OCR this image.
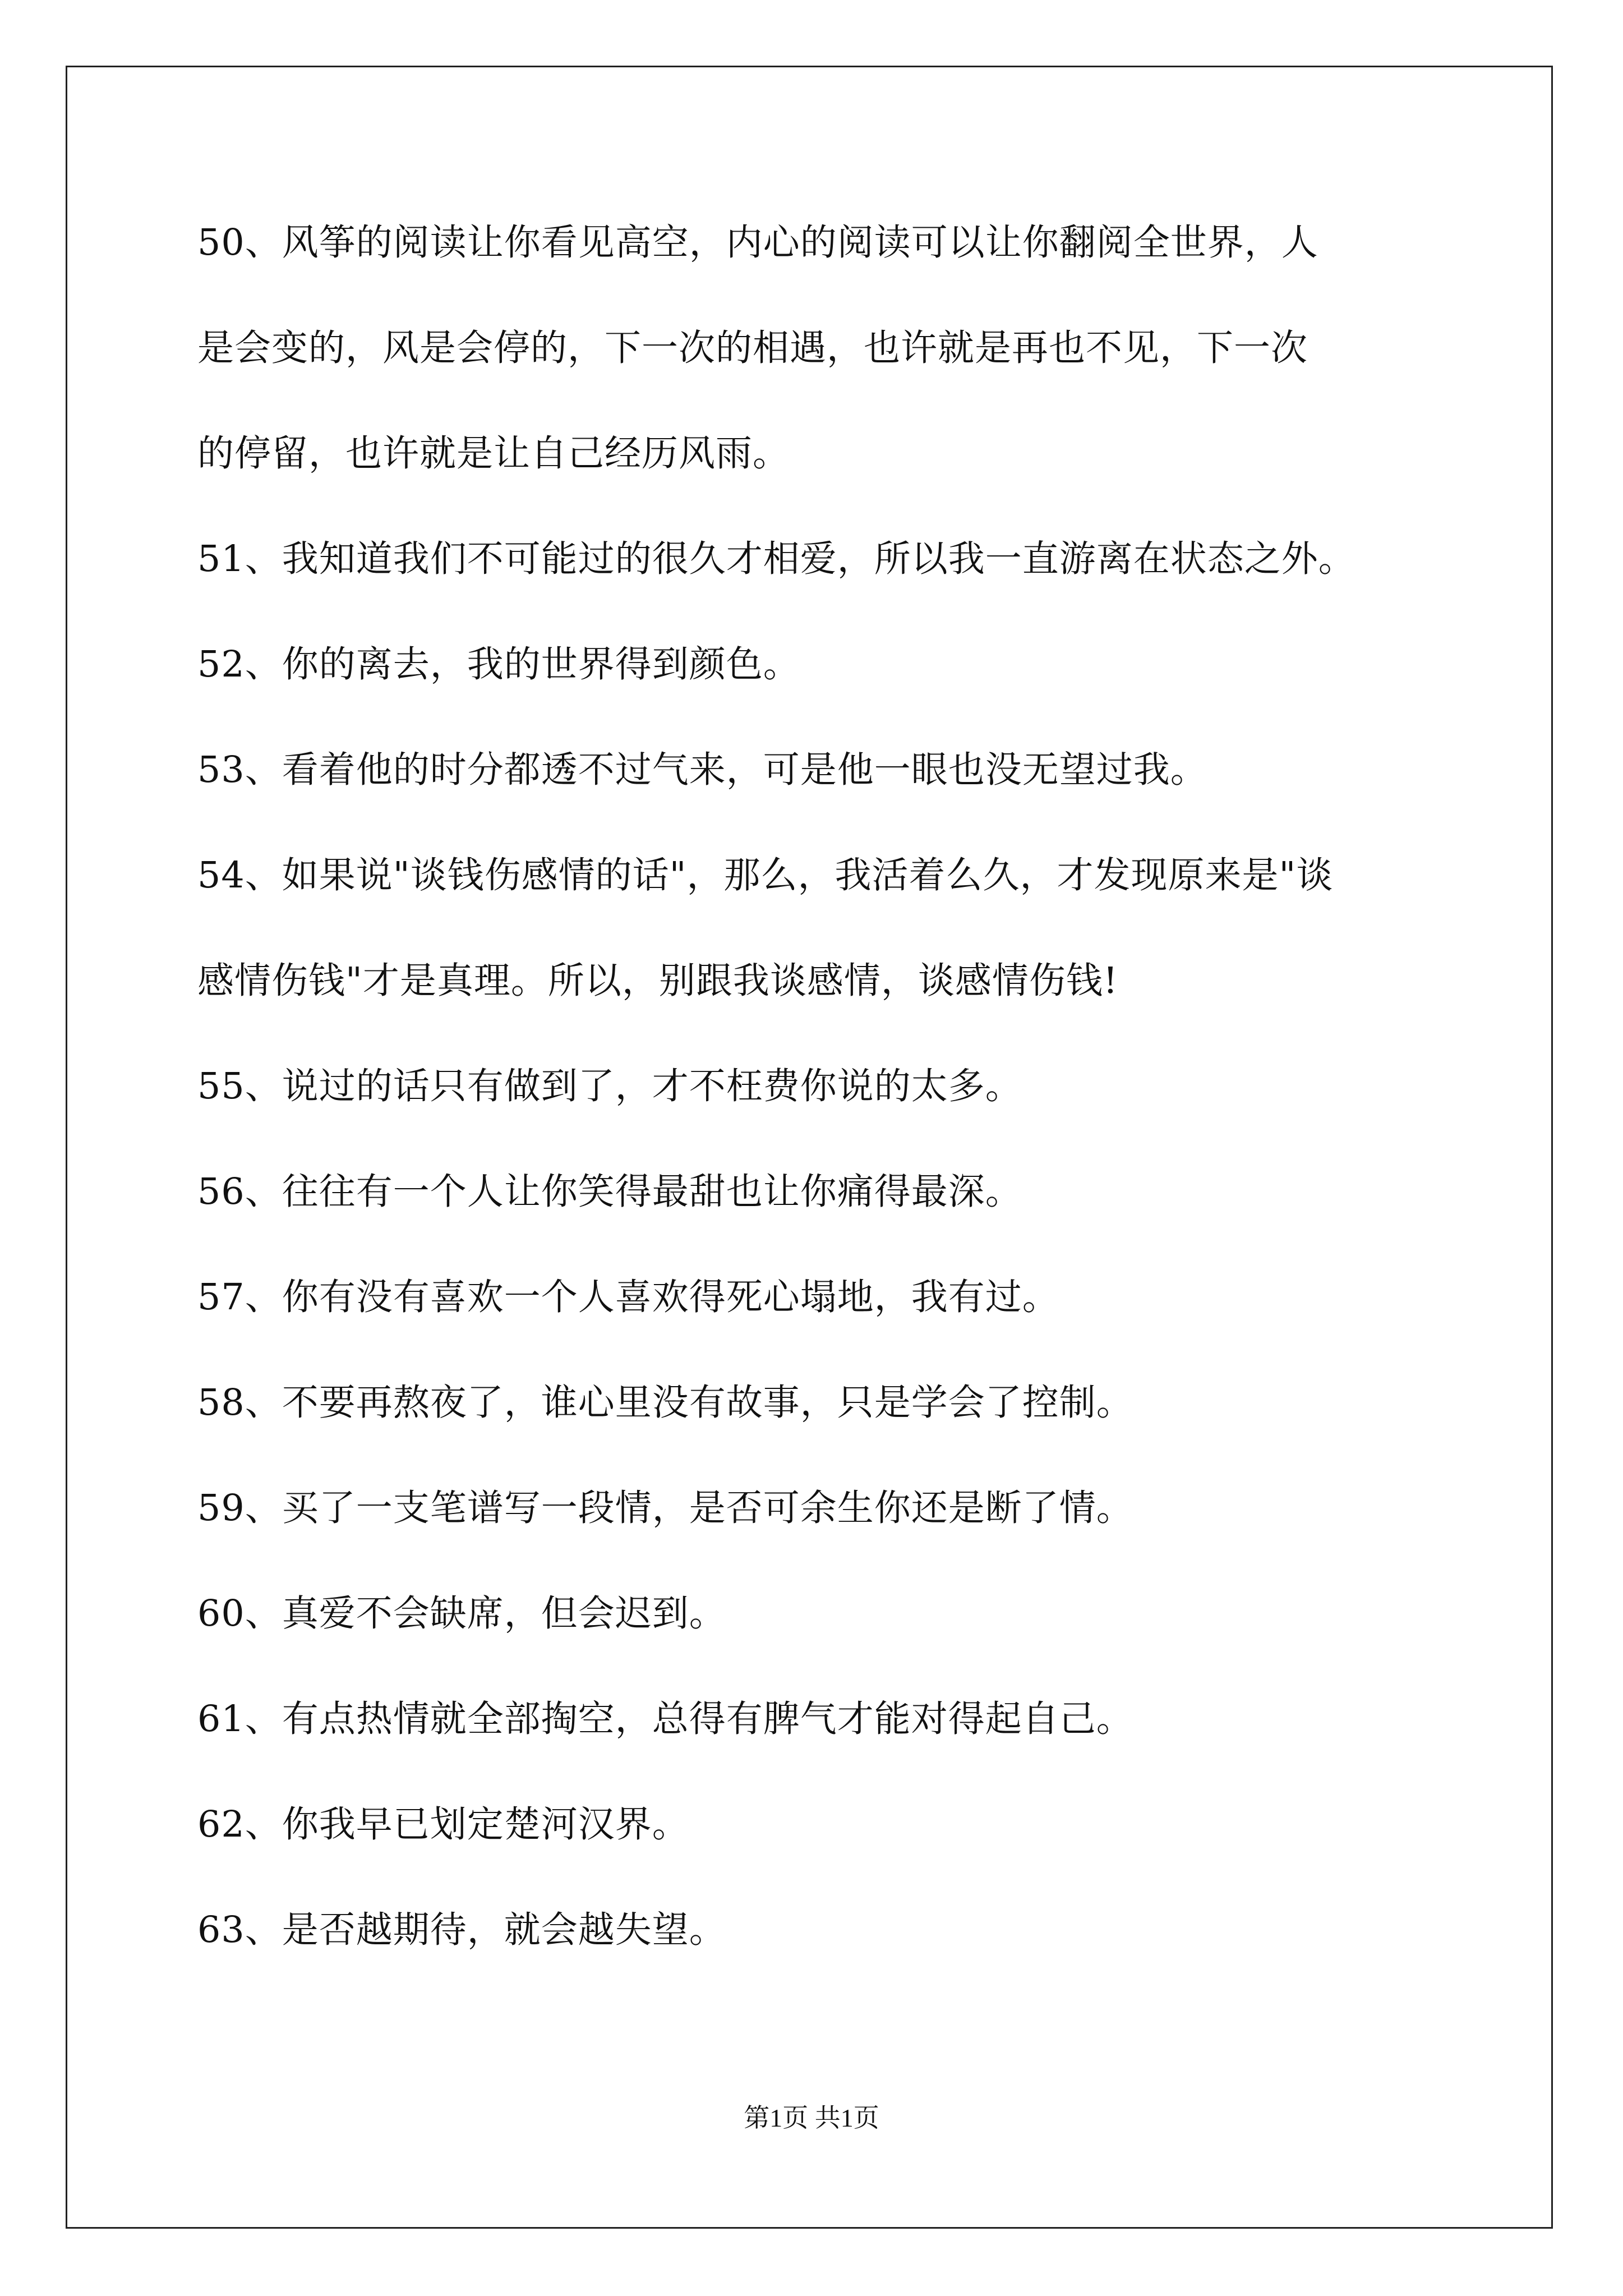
50、风筝的阅读让你看见高空，内心的阅读可以让你翻阅全世界，人
是会变的，风是会停的，下一次的相遇，也许就是再也不见，下一次
的停留，也许就是让自己经历风雨。
51、我知道我们不可能过的很久才相爱，所以我一直游离在状态之外。
52、你的离去，我的世界得到颜色。
53、看着他的时分都透不过气来，可是他一眼也没无望过我。
54、如果说"谈钱伤感情的话"，那么，我活着么久，才发现原来是"谈
感情伤钱"才是真理。所以，别跟我谈感情，谈感情伤钱!
55、说过的话只有做到了，才不枉费你说的太多。
56、往往有一个人让你笑得最甜也让你痛得最深。
57、你有没有喜欢一个人喜欢得死心塌地，我有过。
58、不要再熬夜了，谁心里没有故事，只是学会了控制。
59、买了一支笔谱写一段情，是否可余生你还是断了情。
60、真爱不会缺席，但会迟到。
61、有点热情就全部掏空，总得有脾气才能对得起自己。
62、你我早已划定楚河汉界。
63、是否越期待，就会越失望。
第1页 共1页
